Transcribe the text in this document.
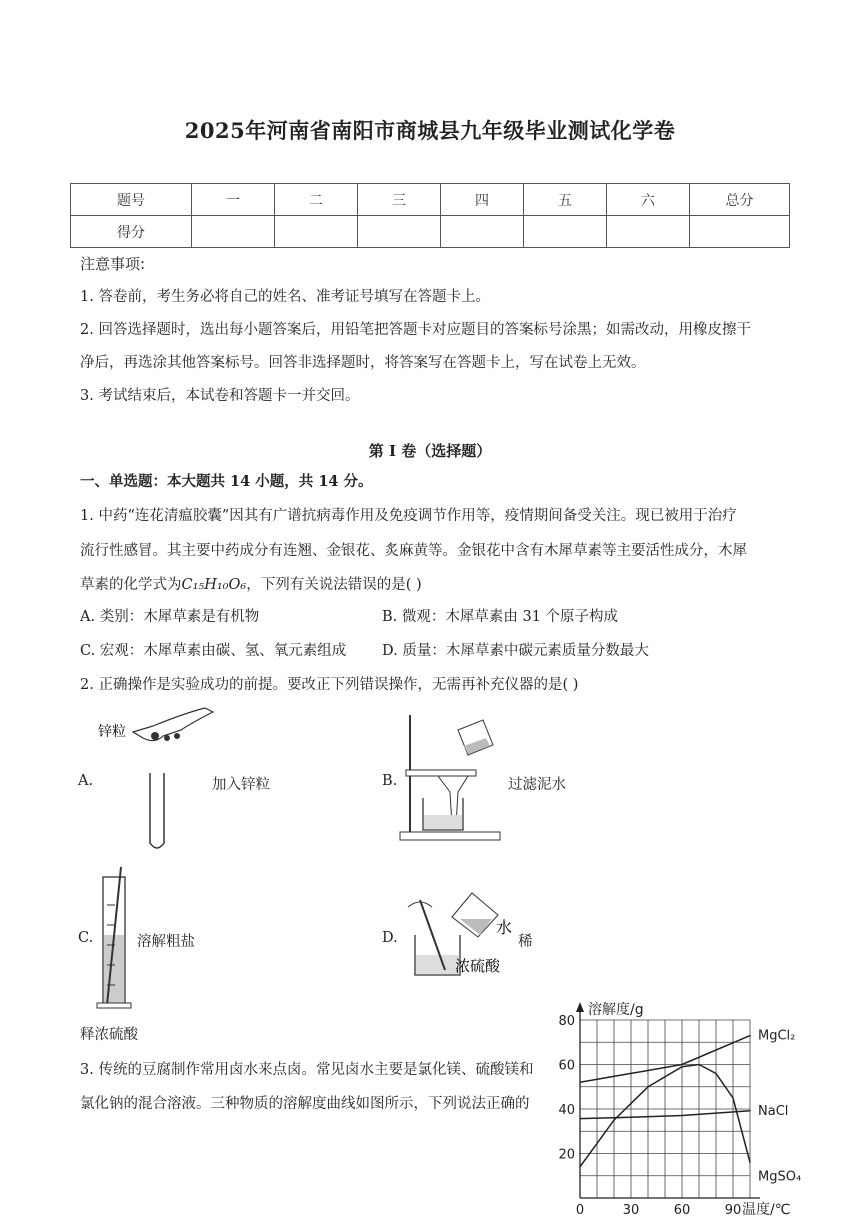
2025年河南省南阳市商城县九年级毕业测试化学卷
题号	一	二	三	四	五	六	总分
得分							
注意事项:
1. 答卷前，考生务必将自己的姓名、准考证号填写在答题卡上。
2. 回答选择题时，选出每小题答案后，用铅笔把答题卡对应题目的答案标号涂黑；如需改动，用橡皮擦干
净后，再选涂其他答案标号。回答非选择题时，将答案写在答题卡上，写在试卷上无效。
3. 考试结束后，本试卷和答题卡一并交回。
第 I 卷（选择题）
一、单选题：本大题共 14 小题，共 14 分。
1. 中药“连花清瘟胶囊”因其有广谱抗病毒作用及免疫调节作用等，疫情期间备受关注。现已被用于治疗
流行性感冒。其主要中药成分有连翘、金银花、炙麻黄等。金银花中含有木犀草素等主要活性成分，木犀
草素的化学式为C₁₅H₁₀O₆，下列有关说法错误的是( )
A. 类别：木犀草素是有机物	B. 微观：木犀草素由 31 个原子构成
C. 宏观：木犀草素由碳、氢、氧元素组成 D. 质量：木犀草素中碳元素质量分数最大
2. 正确操作是实验成功的前提。要改正下列错误操作，无需再补充仪器的是( )
锌粒
A.	加入锌粒	B.	过滤泥水
C.	溶解粗盐
水
浓硫酸
D.	稀
释浓硫酸
3. 传统的豆腐制作常用卤水来点卤。常见卤水主要是氯化镁、硫酸镁和
氯化钠的混合溶液。三种物质的溶解度曲线如图所示，下列说法正确的
20
40
60
80
0	30	60	90
溶解度/g
温度/℃
MgCl₂
NaCl
MgSO₄
